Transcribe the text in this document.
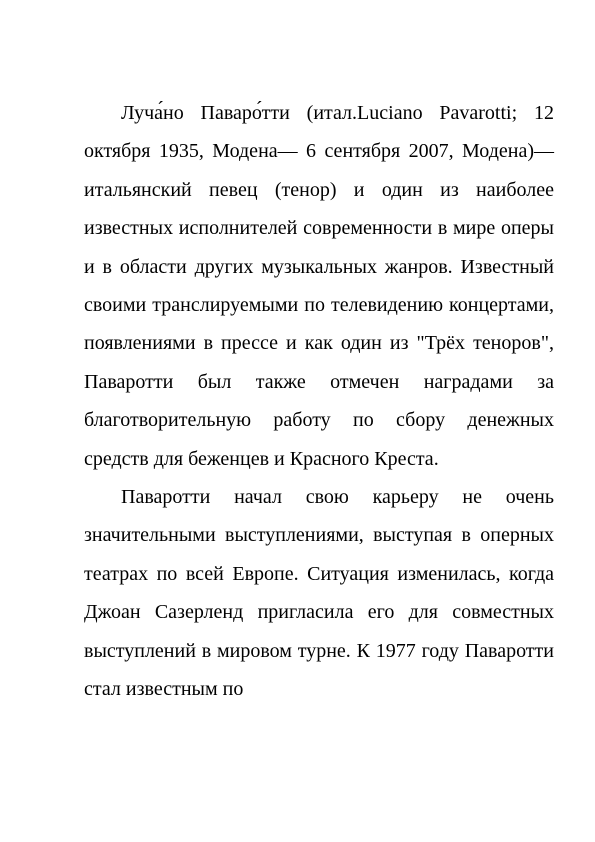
Луча́но Паваро́тти (итал.Luciano Pavarotti; 12 октября 1935, Модена— 6 сентября 2007, Модена)— итальянский певец (тенор) и один из наиболее известных исполнителей современности в мире оперы и в области других музыкальных жанров. Известный своими транслируемыми по телевидению концертами, появлениями в прессе и как один из "Трёх теноров", Паваротти был также отмечен наградами за благотворительную работу по сбору денежных средств для беженцев и Красного Креста.

Паваротти начал свою карьеру не очень значительными выступлениями, выступая в оперных театрах по всей Европе. Ситуация изменилась, когда Джоан Сазерленд пригласила его для совместных выступлений в мировом турне. К 1977 году Паваротти стал известным по
